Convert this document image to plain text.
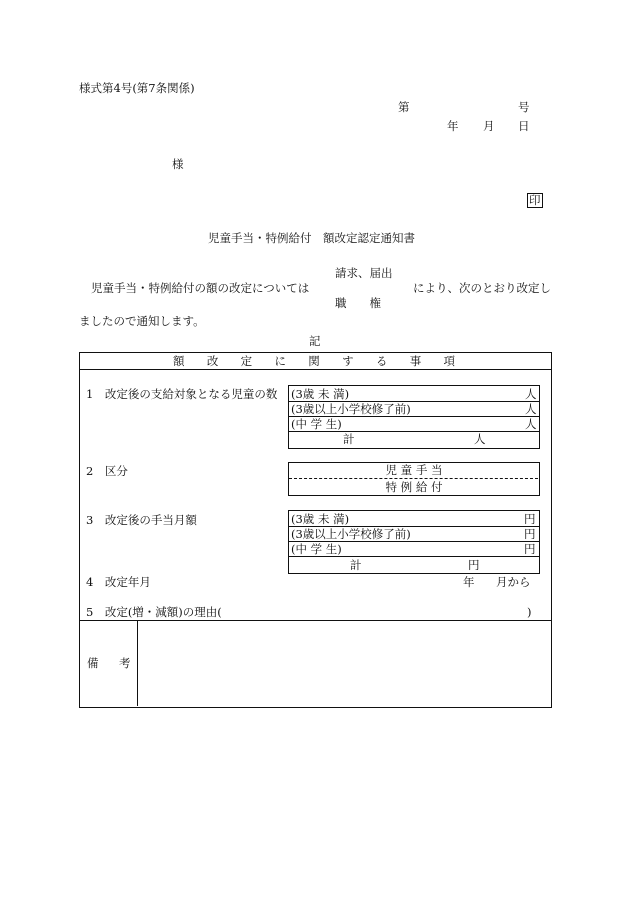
様式第4号(第7条関係)
第	号
年 月 日
様
印
児童手当・特例給付　額改定認定通知書
請求、届出
児童手当・特例給付の額の改定については	により、次のとおり改定し
職　　権
ましたので通知します。
記
額 改 定 に 関 す る 事 項
1　改定後の支給対象となる児童の数 (3歳 未 満)	人
(3歳以上小学校修了前)	人
(中 学 生)	人
計	人
2　区分	児 童 手 当
特 例 給 付
3　改定後の手当月額	(3歳 未 満)	円
(3歳以上小学校修了前)	円
(中 学 生)	円
計	円
4　改定年月	年 月から
5　改定(増・減額)の理由(	)
備 考
